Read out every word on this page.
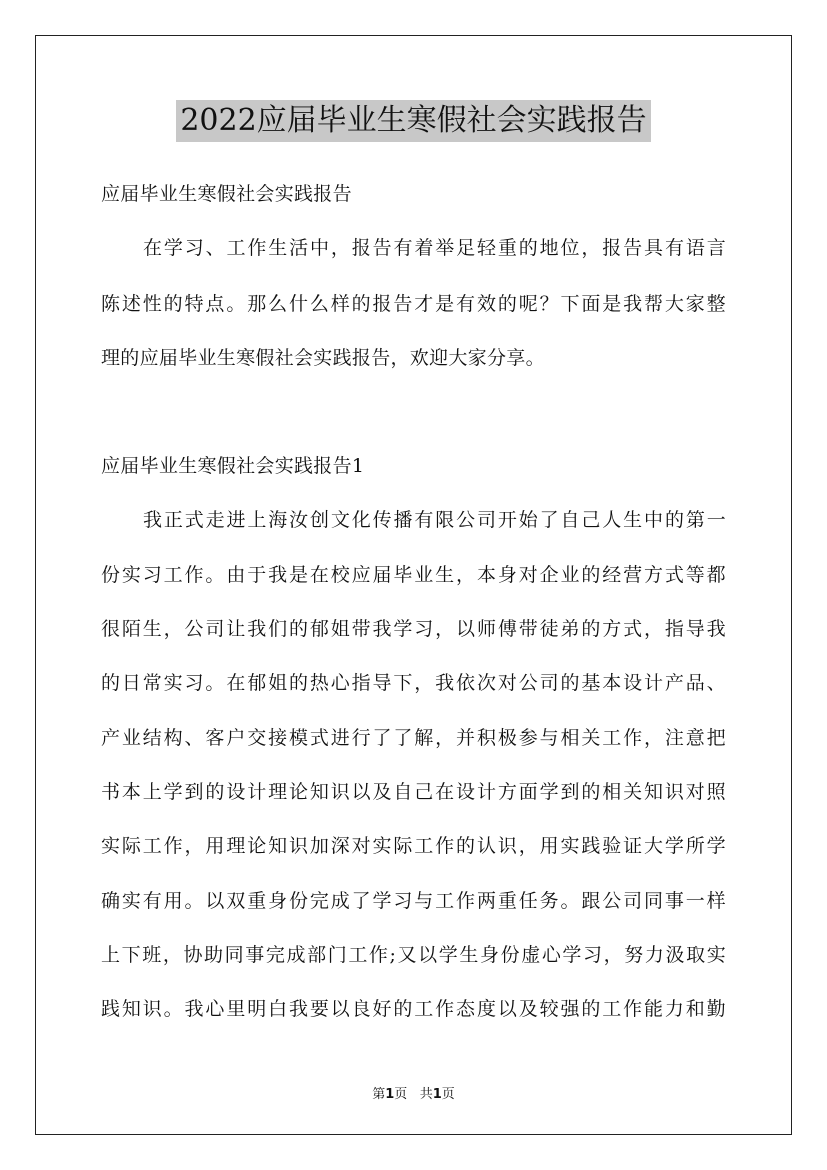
2022应届毕业生寒假社会实践报告
应届毕业生寒假社会实践报告
在学习、工作生活中，报告有着举足轻重的地位，报告具有语言
陈述性的特点。那么什么样的报告才是有效的呢？下面是我帮大家整
理的应届毕业生寒假社会实践报告，欢迎大家分享。
应届毕业生寒假社会实践报告1
我正式走进上海汝创文化传播有限公司开始了自己人生中的第一
份实习工作。由于我是在校应届毕业生，本身对企业的经营方式等都
很陌生，公司让我们的郁姐带我学习，以师傅带徒弟的方式，指导我
的日常实习。在郁姐的热心指导下，我依次对公司的基本设计产品、
产业结构、客户交接模式进行了了解，并积极参与相关工作，注意把
书本上学到的设计理论知识以及自己在设计方面学到的相关知识对照
实际工作，用理论知识加深对实际工作的认识，用实践验证大学所学
确实有用。以双重身份完成了学习与工作两重任务。跟公司同事一样
上下班，协助同事完成部门工作;又以学生身份虚心学习，努力汲取实
践知识。我心里明白我要以良好的工作态度以及较强的工作能力和勤
第1页 共1页
